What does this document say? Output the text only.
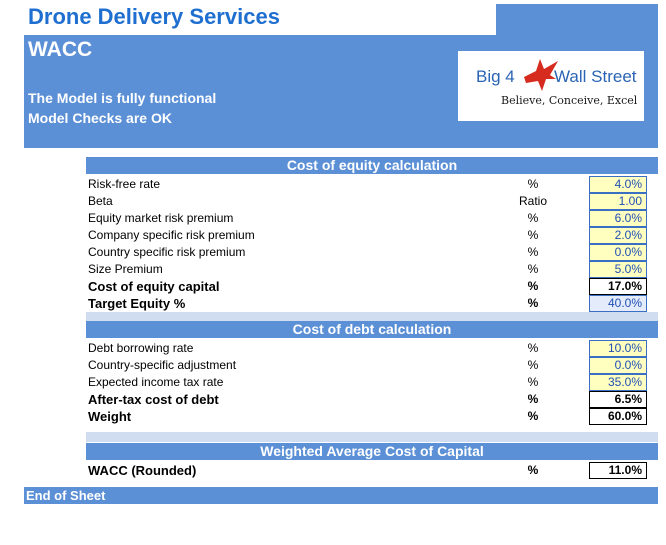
Drone Delivery Services
WACC
The Model is fully functional
Model Checks are OK
Big 4 Wall Street
Believe, Conceive, Excel
Cost of equity calculation
Risk-free rate	%	4.0%
Beta	Ratio	1.00
Equity market risk premium	%	6.0%
Company specific risk premium	%	2.0%
Country specific risk premium	%	0.0%
Size Premium	%	5.0%
Cost of equity capital	%	17.0%
Target Equity %	%	40.0%
Cost of debt calculation
Debt borrowing rate	%	10.0%
Country-specific adjustment	%	0.0%
Expected income tax rate	%	35.0%
After-tax cost of debt	%	6.5%
Weight	%	60.0%
Weighted Average Cost of Capital
WACC (Rounded)	%	11.0%
End of Sheet
